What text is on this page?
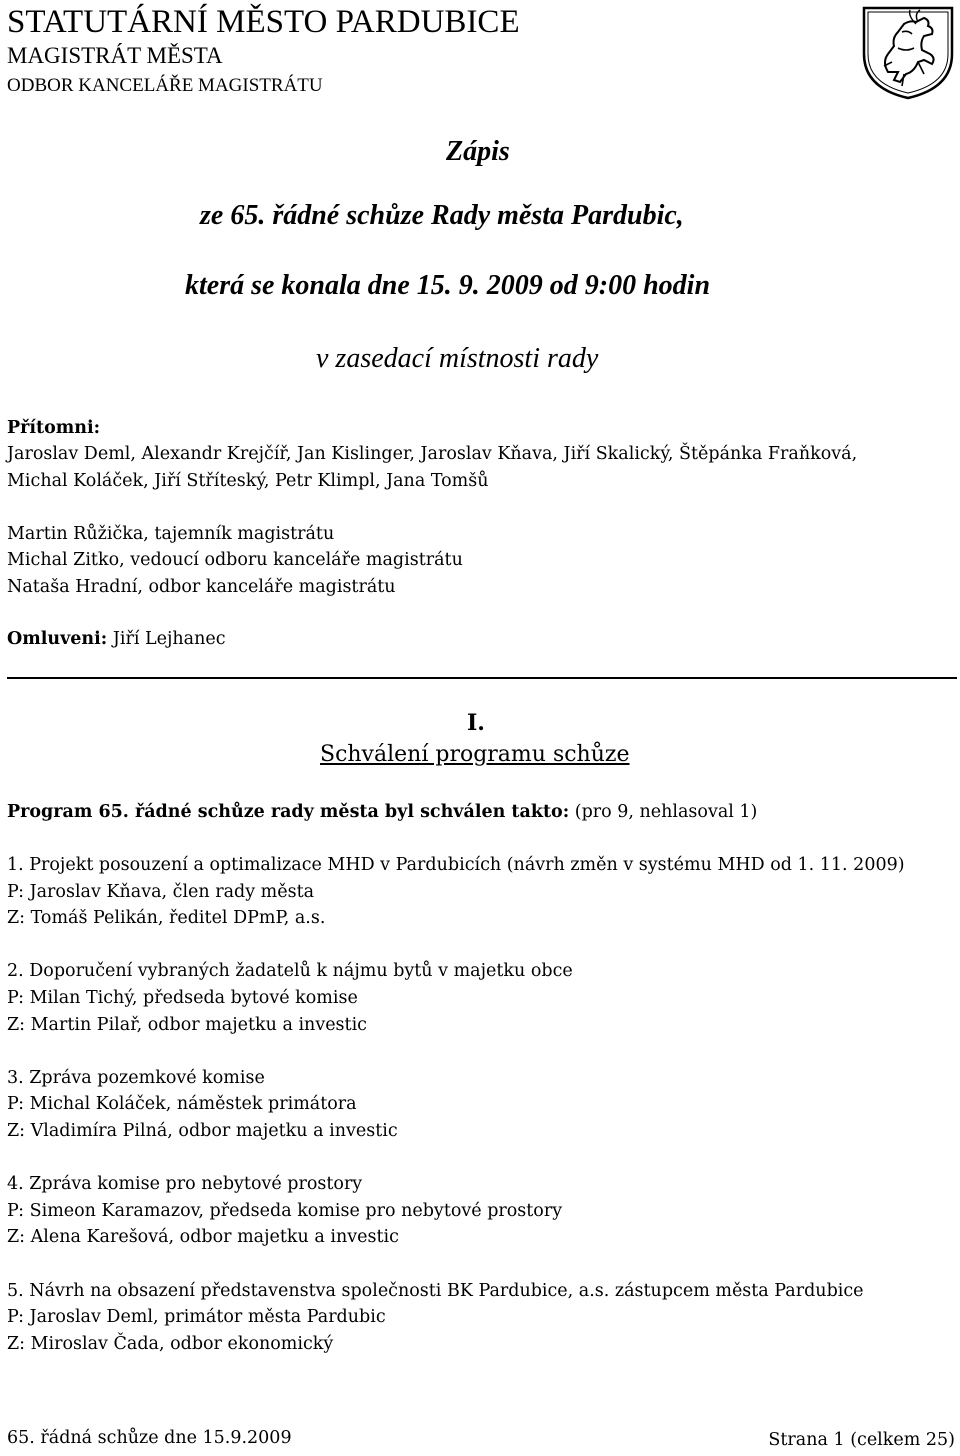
STATUTÁRNÍ MĚSTO PARDUBICE
MAGISTRÁT MĚSTA
ODBOR KANCELÁŘE MAGISTRÁTU
Zápis
ze 65. řádné schůze Rady města Pardubic,
která se konala dne 15. 9. 2009 od 9:00 hodin
v zasedací místnosti rady
Přítomni:
Jaroslav Deml, Alexandr Krejčíř, Jan Kislinger, Jaroslav Kňava, Jiří Skalický, Štěpánka Fraňková,
Michal Koláček, Jiří Stříteský, Petr Klimpl, Jana Tomšů
Martin Růžička, tajemník magistrátu
Michal Zitko, vedoucí odboru kanceláře magistrátu
Nataša Hradní, odbor kanceláře magistrátu
Omluveni: Jiří Lejhanec
I.
Schválení programu schůze
Program 65. řádné schůze rady města byl schválen takto: (pro 9, nehlasoval 1)
1. Projekt posouzení a optimalizace MHD v Pardubicích (návrh změn v systému MHD od 1. 11. 2009)
P: Jaroslav Kňava, člen rady města
Z: Tomáš Pelikán, ředitel DPmP, a.s.
2. Doporučení vybraných žadatelů k nájmu bytů v majetku obce
P: Milan Tichý, předseda bytové komise
Z: Martin Pilař, odbor majetku a investic
3. Zpráva pozemkové komise
P: Michal Koláček, náměstek primátora
Z: Vladimíra Pilná, odbor majetku a investic
4. Zpráva komise pro nebytové prostory
P: Simeon Karamazov, předseda komise pro nebytové prostory
Z: Alena Karešová, odbor majetku a investic
5. Návrh na obsazení představenstva společnosti BK Pardubice, a.s. zástupcem města Pardubice
P: Jaroslav Deml, primátor města Pardubic
Z: Miroslav Čada, odbor ekonomický
65. řádná schůze dne 15.9.2009	Strana 1 (celkem 25)
